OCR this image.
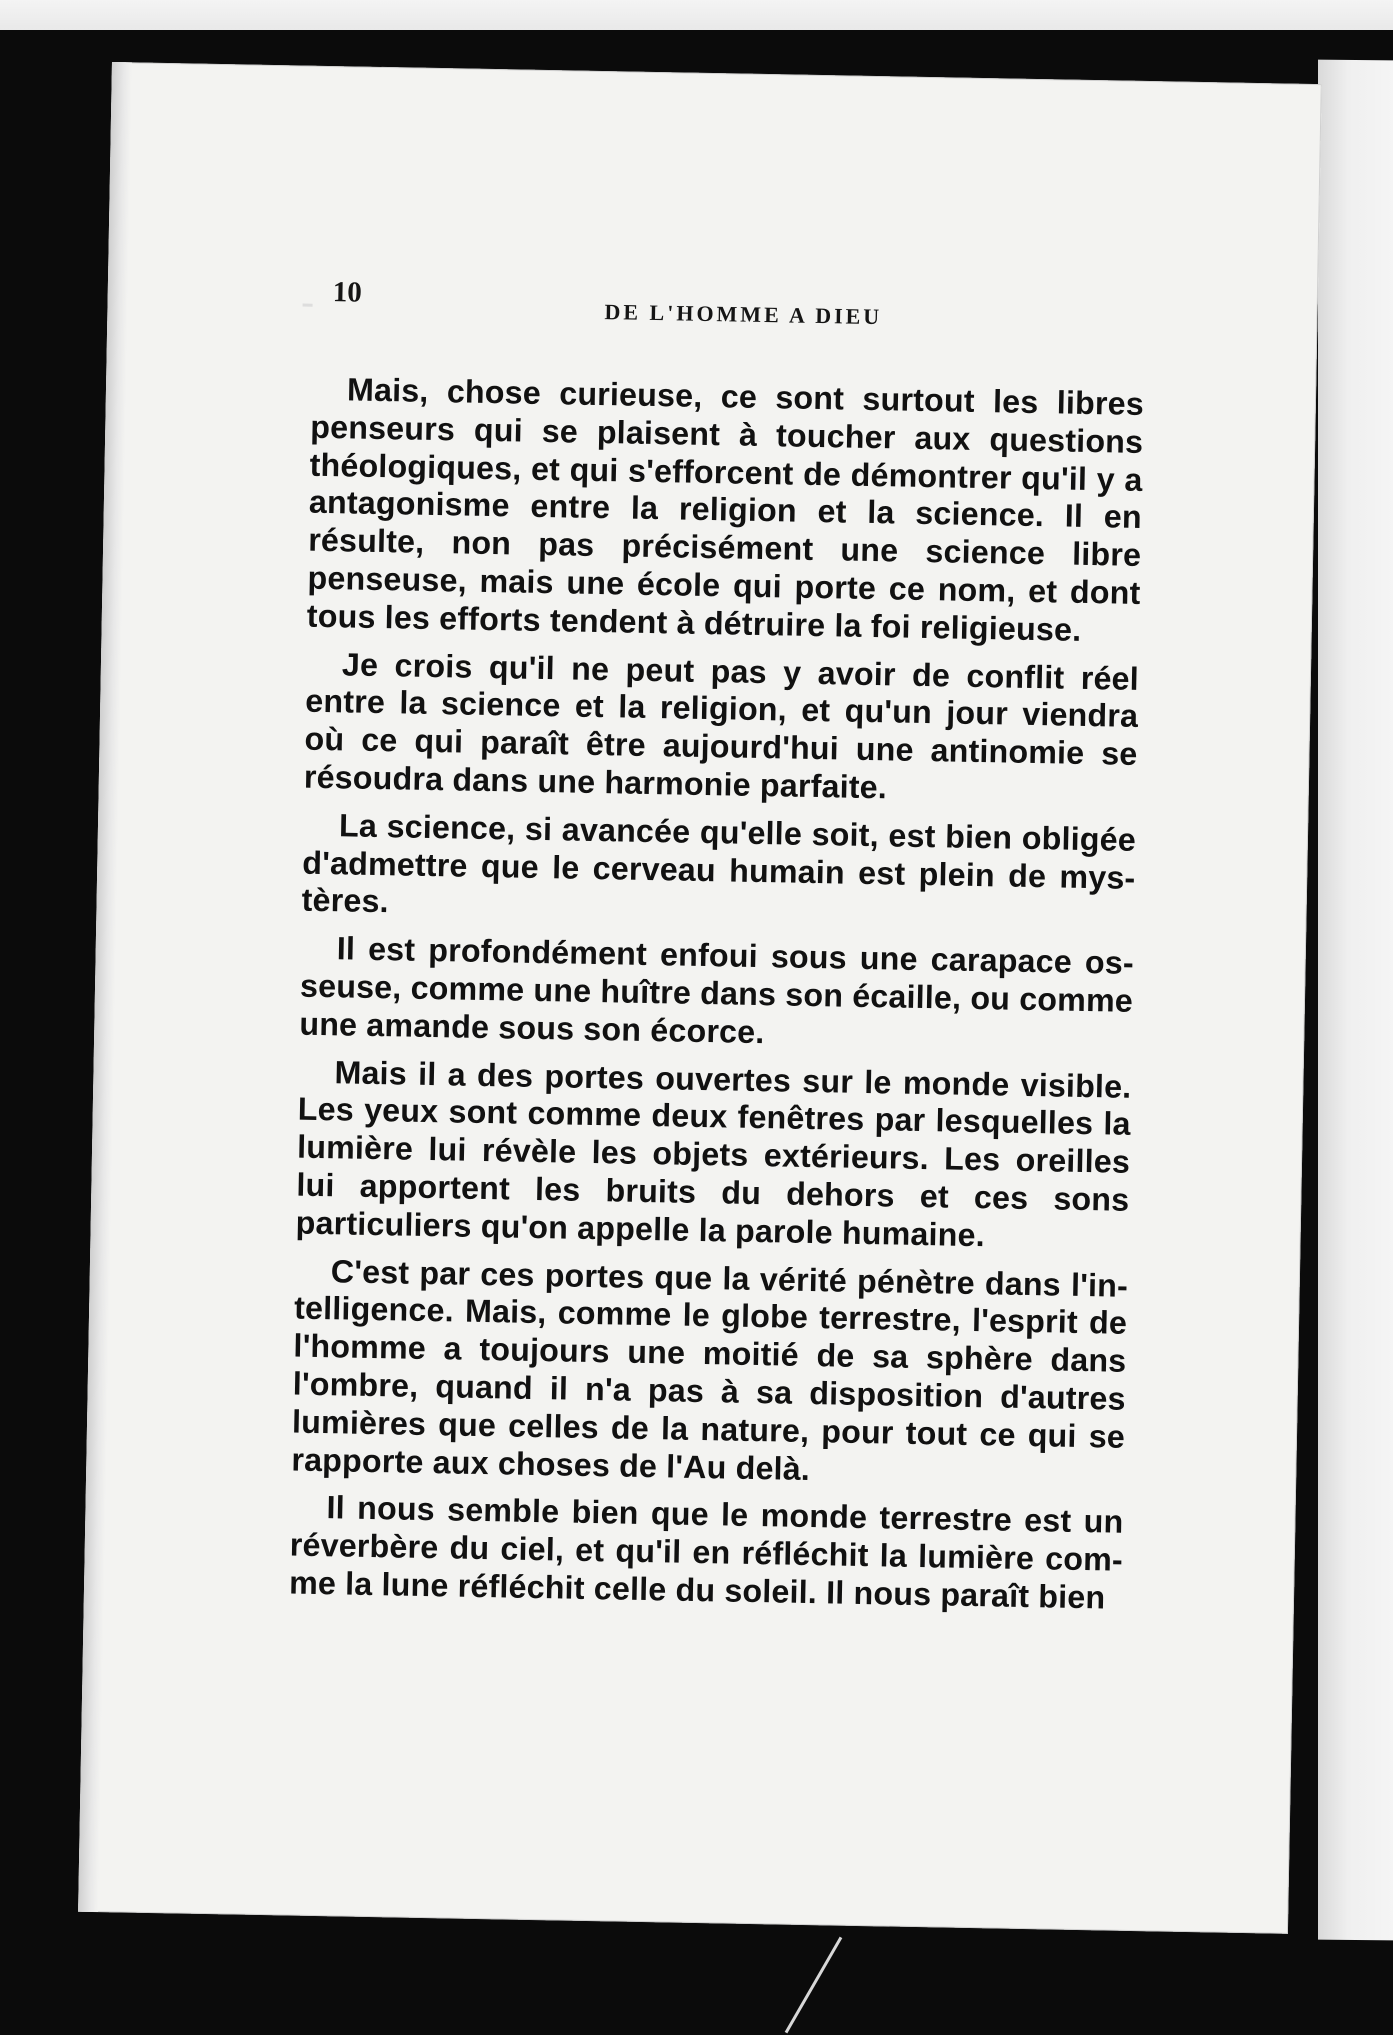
10
DE L'HOMME A DIEU

Mais, chose curieuse, ce sont surtout les libres penseurs qui se plaisent à toucher aux questions théologiques, et qui s'efforcent de démontrer qu'il y a antagonisme entre la religion et la science. Il en résulte, non pas précisément une science libre penseuse, mais une école qui porte ce nom, et dont tous les efforts tendent à détruire la foi religieuse.

Je crois qu'il ne peut pas y avoir de conflit réel entre la science et la religion, et qu'un jour viendra où ce qui paraît être aujourd'hui une antinomie se résoudra dans une harmonie parfaite.

La science, si avancée qu'elle soit, est bien obligée d'admettre que le cerveau humain est plein de mystères.

Il est profondément enfoui sous une carapace osseuse, comme une huître dans son écaille, ou comme une amande sous son écorce.

Mais il a des portes ouvertes sur le monde visible. Les yeux sont comme deux fenêtres par lesquelles la lumière lui révèle les objets extérieurs. Les oreilles lui apportent les bruits du dehors et ces sons particuliers qu'on appelle la parole humaine.

C'est par ces portes que la vérité pénètre dans l'intelligence. Mais, comme le globe terrestre, l'esprit de l'homme a toujours une moitié de sa sphère dans l'ombre, quand il n'a pas à sa disposition d'autres lumières que celles de la nature, pour tout ce qui se rapporte aux choses de l'Au delà.

Il nous semble bien que le monde terrestre est un réverbère du ciel, et qu'il en réfléchit la lumière comme la lune réfléchit celle du soleil. Il nous paraît bien
